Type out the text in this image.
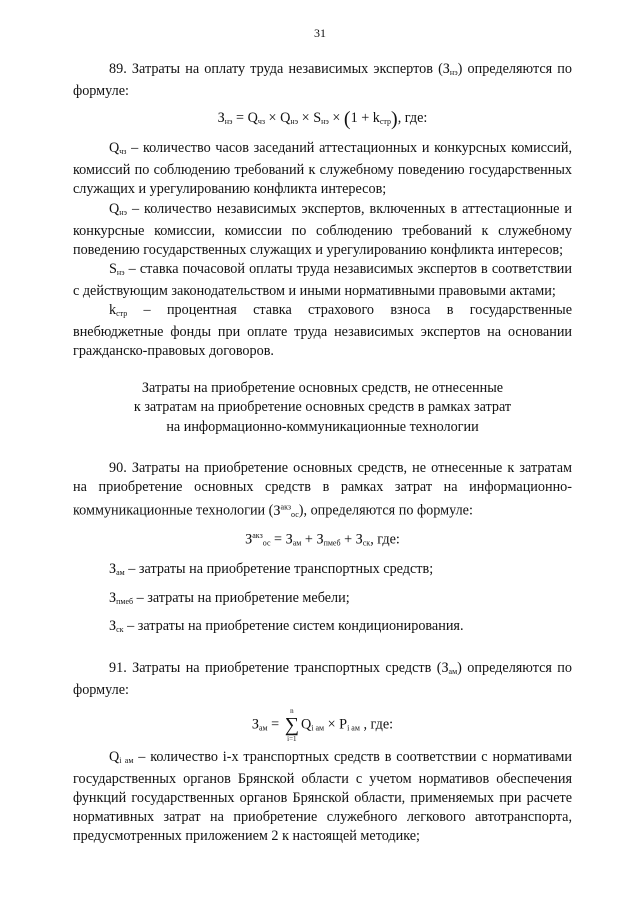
31

89. Затраты на оплату труда независимых экспертов $(З_{нэ})$ определяются по формуле:

$З_{нэ} = Q_{чз} \times Q_{нэ} \times S_{нэ} \times (1 + k_{стр})$, где:

$Q_{чз}$ – количество часов заседаний аттестационных и конкурсных комиссий, комиссий по соблюдению требований к служебному поведению государственных служащих и урегулированию конфликта интересов;

$Q_{нэ}$ – количество независимых экспертов, включенных в аттестационные и конкурсные комиссии, комиссии по соблюдению требований к служебному поведению государственных служащих и урегулированию конфликта интересов;

$S_{нэ}$ – ставка почасовой оплаты труда независимых экспертов в соответствии с действующим законодательством и иными нормативными правовыми актами;

$k_{стр}$ – процентная ставка страхового взноса в государственные внебюджетные фонды при оплате труда независимых экспертов на основании гражданско-правовых договоров.

Затраты на приобретение основных средств, не отнесенные
к затратам на приобретение основных средств в рамках затрат
на информационно-коммуникационные технологии

90. Затраты на приобретение основных средств, не отнесенные к затратам на приобретение основных средств в рамках затрат на информационно-коммуникационные технологии $(З^{акз}_{ос})$, определяются по формуле:

$З^{акз}_{ос} = З_{ам} + З_{пмеб} + З_{ск}$, где:

$З_{ам}$ – затраты на приобретение транспортных средств;

$З_{пмеб}$ – затраты на приобретение мебели;

$З_{ск}$ – затраты на приобретение систем кондиционирования.

91. Затраты на приобретение транспортных средств $(З_{ам})$ определяются по формуле:

$З_{ам}$ =
n
∑
i=1
$Q_{i ам} \times P_{i ам}$ , где:

$Q_{i ам}$ – количество i-х транспортных средств в соответствии с нормативами государственных органов Брянской области с учетом нормативов обеспечения функций государственных органов Брянской области, применяемых при расчете нормативных затрат на приобретение служебного легкового автотранспорта, предусмотренных приложением 2 к настоящей методике;
